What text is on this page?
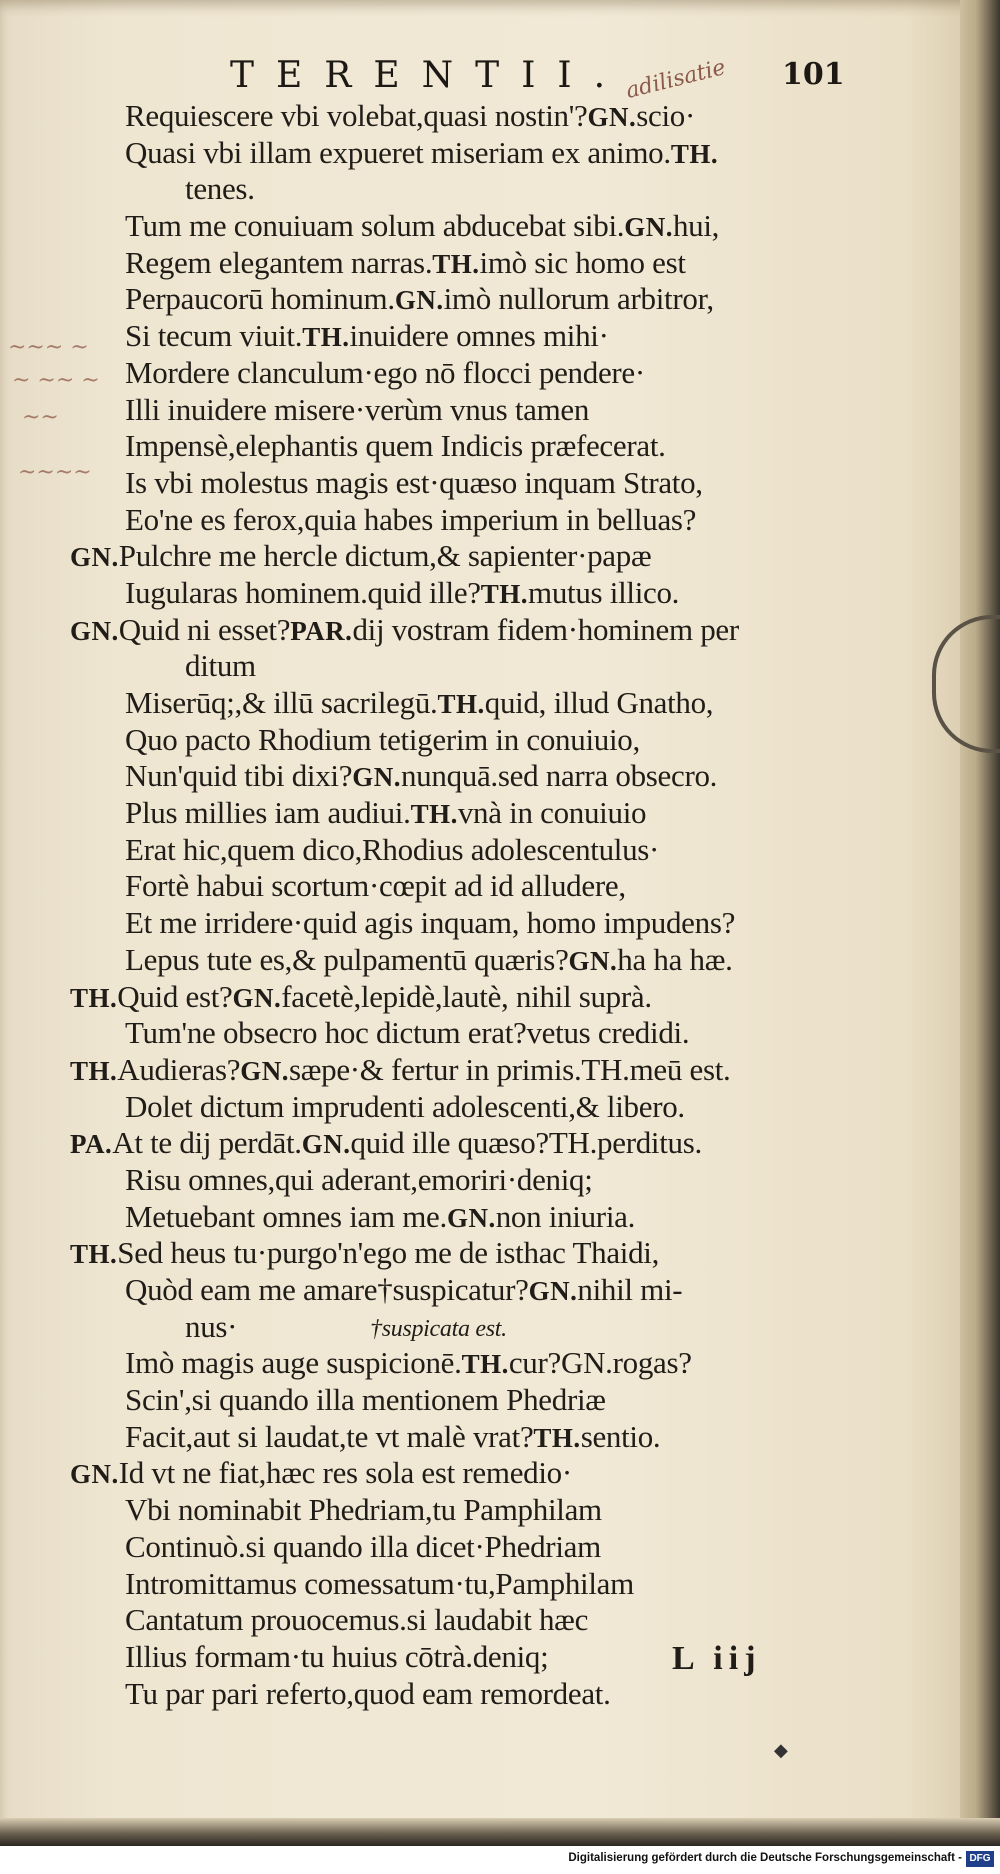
TERENTII.
adilisatie 101
~~~ ~
~ ~~ ~
~~
~~~~
Requiescere vbi volebat,quasi nostin'?GN.scio·
Quasi vbi illam expueret miseriam ex animo.TH.
tenes.
Tum me conuiuam solum abducebat sibi.GN.hui,
Regem elegantem narras.TH.imò sic homo est
Perpaucorū hominum.GN.imò nullorum arbitror,
Si tecum viuit.TH.inuidere omnes mihi·
Mordere clanculum·ego nō flocci pendere·
Illi inuidere misere·verùm vnus tamen
Impensè,elephantis quem Indicis præfecerat.
Is vbi molestus magis est·quæso inquam Strato,
Eo'ne es ferox,quia habes imperium in belluas?
GN.Pulchre me hercle dictum,& sapienter·papæ
Iugularas hominem.quid ille?TH.mutus illico.
GN.Quid ni esset?PAR.dij vostram fidem·hominem per
ditum
Miserūq;,& illū sacrilegū.TH.quid, illud Gnatho,
Quo pacto Rhodium tetigerim in conuiuio,
Nun'quid tibi dixi?GN.nunquā.sed narra obsecro.
Plus millies iam audiui.TH.vnà in conuiuio
Erat hic,quem dico,Rhodius adolescentulus·
Fortè habui scortum·cœpit ad id alludere,
Et me irridere·quid agis inquam, homo impudens?
Lepus tute es,& pulpamentū quæris?GN.ha ha hæ.
TH.Quid est?GN.facetè,lepidè,lautè, nihil suprà.
Tum'ne obsecro hoc dictum erat?vetus credidi.
TH.Audieras?GN.sæpe·& fertur in primis.TH.meū est.
Dolet dictum imprudenti adolescenti,& libero.
PA.At te dij perdāt.GN.quid ille quæso?TH.perditus.
Risu omnes,qui aderant,emoriri·deniq;
Metuebant omnes iam me.GN.non iniuria.
TH.Sed heus tu·purgo'n'ego me de isthac Thaidi,
Quòd eam me amare†suspicatur?GN.nihil mi-
nus·	†suspicata est.
Imò magis auge suspicionē.TH.cur?GN.rogas?
Scin',si quando illa mentionem Phedriæ
Facit,aut si laudat,te vt malè vrat?TH.sentio.
GN.Id vt ne fiat,hæc res sola est remedio·
Vbi nominabit Phedriam,tu Pamphilam
Continuò.si quando illa dicet·Phedriam
Intromittamus comessatum·tu,Pamphilam
Cantatum prouocemus.si laudabit hæc
Illius formam·tu huius cōtrà.deniq;
Tu par pari referto,quod eam remordeat.
L iij
◆
Digitalisierung gefördert durch die Deutsche Forschungsgemeinschaft - DFG
